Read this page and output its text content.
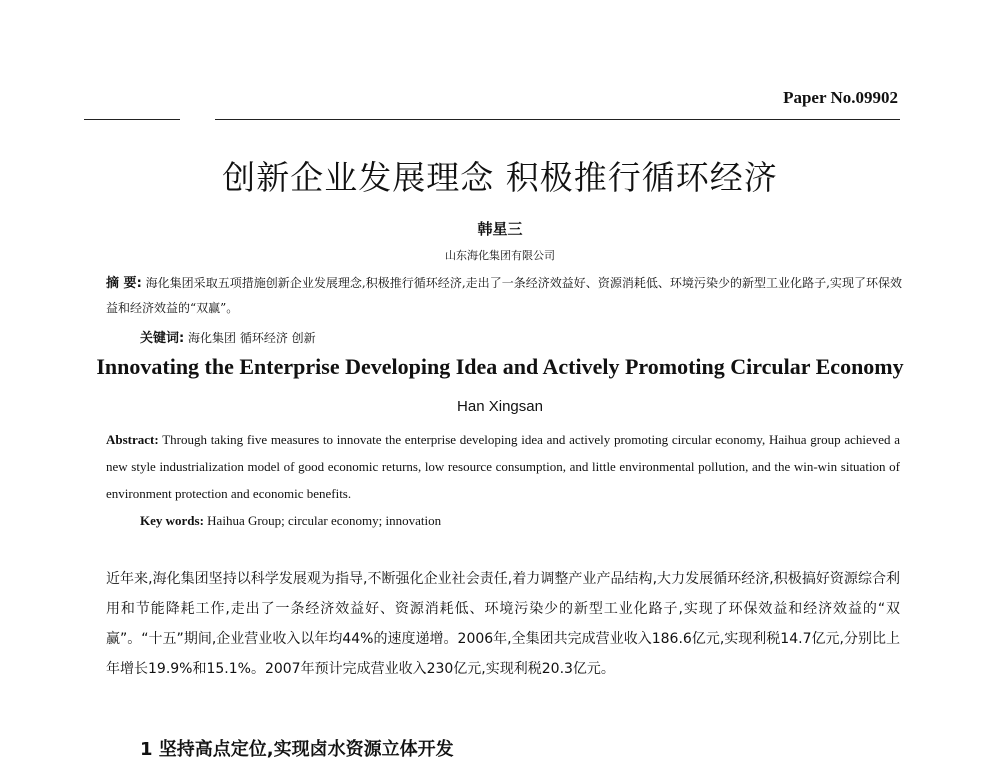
Paper No.09902
创新企业发展理念 积极推行循环经济
韩星三
山东海化集团有限公司
摘 要: 海化集团采取五项措施创新企业发展理念,积极推行循环经济,走出了一条经济效益好、资源消耗低、环境污染少的新型工业化路子,实现了环保效益和经济效益的“双赢”。
关键词: 海化集团 循环经济 创新
Innovating the Enterprise Developing Idea and Actively Promoting Circular Economy
Han Xingsan
Abstract: Through taking five measures to innovate the enterprise developing idea and actively promoting circular economy, Haihua group achieved a new style industrialization model of good economic returns, low resource consumption, and little environmental pollution, and the win-win situation of environment protection and economic benefits.
Key words: Haihua Group; circular economy; innovation
近年来,海化集团坚持以科学发展观为指导,不断强化企业社会责任,着力调整产业产品结构,大力发展循环经济,积极搞好资源综合利用和节能降耗工作,走出了一条经济效益好、资源消耗低、环境污染少的新型工业化路子,实现了环保效益和经济效益的“双赢”。“十五”期间,企业营业收入以年均44%的速度递增。2006年,全集团共完成营业收入186.6亿元,实现利税14.7亿元,分别比上年增长19.9%和15.1%。2007年预计完成营业收入230亿元,实现利税20.3亿元。
1 坚持高点定位,实现卤水资源立体开发
